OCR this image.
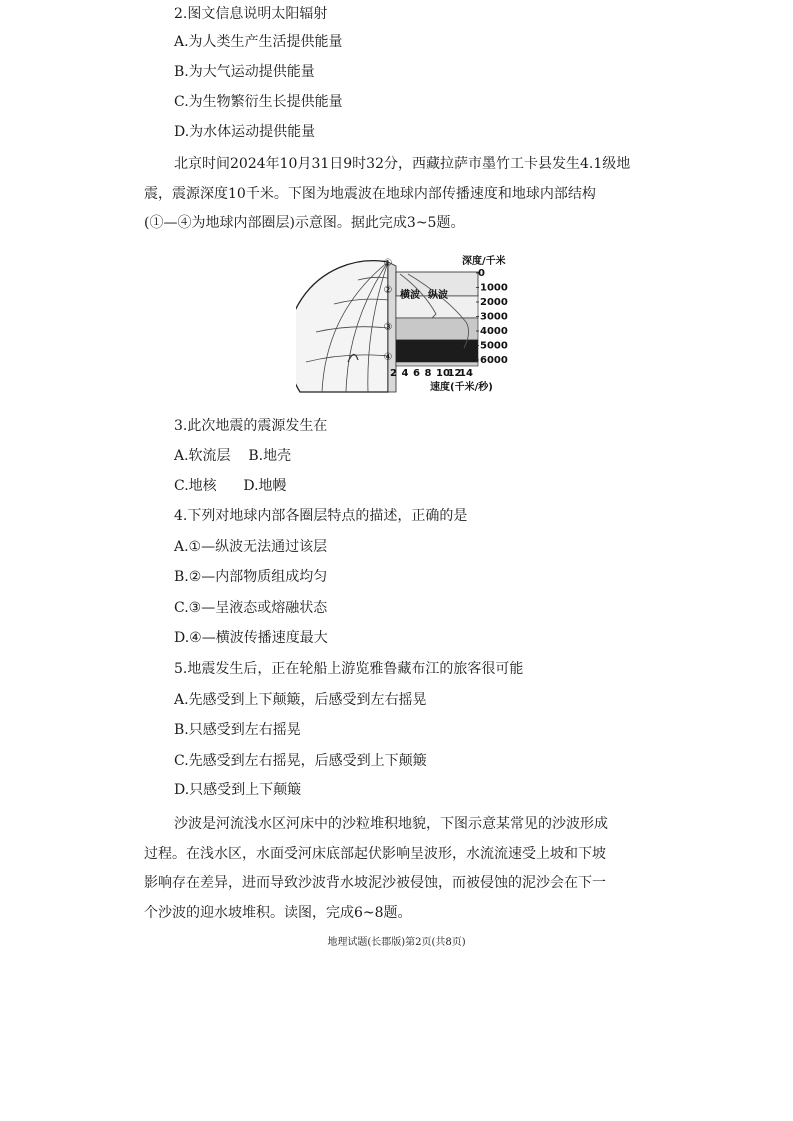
2.图文信息说明太阳辐射
A.为人类生产生活提供能量
B.为大气运动提供能量
C.为生物繁衍生长提供能量
D.为水体运动提供能量
北京时间2024年10月31日9时32分，西藏拉萨市墨竹工卡县发生4.1级地
震，震源深度10千米。下图为地震波在地球内部传播速度和地球内部结构
(①—④为地球内部圈层)示意图。据此完成3~5题。
①
②
③
④
横波 纵波
深度/千米
0
1000
2000
3000
4000
5000
6000
2 4 6 8 10
12
14
速度(千米/秒)
3.此次地震的震源发生在
A.软流层    B.地壳
C.地核      D.地幔
4.下列对地球内部各圈层特点的描述，正确的是
A.①—纵波无法通过该层
B.②—内部物质组成均匀
C.③—呈液态或熔融状态
D.④—横波传播速度最大
5.地震发生后，正在轮船上游览雅鲁藏布江的旅客很可能
A.先感受到上下颠簸，后感受到左右摇晃
B.只感受到左右摇晃
C.先感受到左右摇晃，后感受到上下颠簸
D.只感受到上下颠簸
沙波是河流浅水区河床中的沙粒堆积地貌，下图示意某常见的沙波形成
过程。在浅水区，水面受河床底部起伏影响呈波形，水流流速受上坡和下坡
影响存在差异，进而导致沙波背水坡泥沙被侵蚀，而被侵蚀的泥沙会在下一
个沙波的迎水坡堆积。读图，完成6~8题。
地理试题(长郡版)第2页(共8页)
